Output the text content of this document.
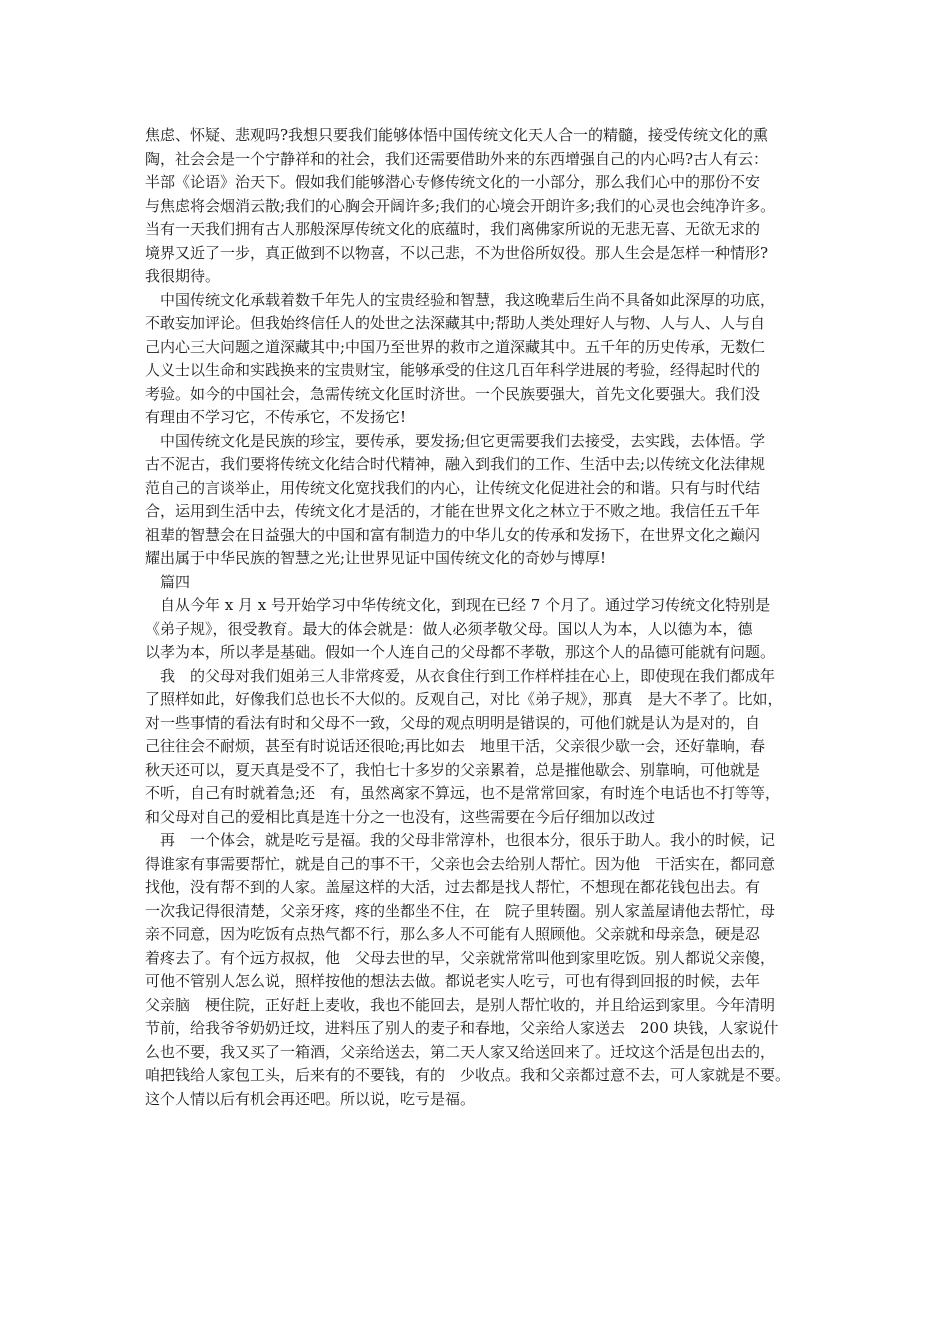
焦虑、怀疑、悲观吗?我想只要我们能够体悟中国传统文化天人合一的精髓，接受传统文化的熏
陶，社会会是一个宁静祥和的社会，我们还需要借助外来的东西增强自己的内心吗?古人有云：
半部《论语》治天下。假如我们能够潜心专修传统文化的一小部分，那么我们心中的那份不安
与焦虑将会烟消云散;我们的心胸会开阔许多;我们的心境会开朗许多;我们的心灵也会纯净许多。
当有一天我们拥有古人那般深厚传统文化的底蕴时，我们离佛家所说的无悲无喜、无欲无求的
境界又近了一步，真正做到不以物喜，不以己悲，不为世俗所奴役。那人生会是怎样一种情形?
我很期待。
　中国传统文化承载着数千年先人的宝贵经验和智慧，我这晚辈后生尚不具备如此深厚的功底，
不敢妄加评论。但我始终信任人的处世之法深藏其中;帮助人类处理好人与物、人与人、人与自
己内心三大问题之道深藏其中;中国乃至世界的救市之道深藏其中。五千年的历史传承，无数仁
人义士以生命和实践换来的宝贵财宝，能够承受的住这几百年科学进展的考验，经得起时代的
考验。如今的中国社会，急需传统文化匡时济世。一个民族要强大，首先文化要强大。我们没
有理由不学习它，不传承它，不发扬它!
　中国传统文化是民族的珍宝，要传承，要发扬;但它更需要我们去接受，去实践，去体悟。学
古不泥古，我们要将传统文化结合时代精神，融入到我们的工作、生活中去;以传统文化法律规
范自己的言谈举止，用传统文化宽找我们的内心，让传统文化促进社会的和谐。只有与时代结
合，运用到生活中去，传统文化才是活的，才能在世界文化之林立于不败之地。我信任五千年
祖辈的智慧会在日益强大的中国和富有制造力的中华儿女的传承和发扬下，在世界文化之巅闪
耀出属于中华民族的智慧之光;让世界见证中国传统文化的奇妙与博厚!
　篇四
　自从今年 x 月 x 号开始学习中华传统文化，到现在已经 7 个月了。通过学习传统文化特别是
《弟子规》，很受教育。最大的体会就是：做人必须孝敬父母。国以人为本，人以德为本，德
以孝为本，所以孝是基础。假如一个人连自己的父母都不孝敬，那这个人的品德可能就有问题。
　我　的父母对我们姐弟三人非常疼爱，从衣食住行到工作样样挂在心上，即使现在我们都成年
了照样如此，好像我们总也长不大似的。反观自己，对比《弟子规》，那真　是大不孝了。比如，
对一些事情的看法有时和父母不一致，父母的观点明明是错误的，可他们就是认为是对的，自
己往往会不耐烦，甚至有时说话还很呛;再比如去　地里干活，父亲很少歇一会，还好靠晌，春
秋天还可以，夏天真是受不了，我怕七十多岁的父亲累着，总是摧他歇会、别靠晌，可他就是
不听，自己有时就着急;还　有，虽然离家不算远，也不是常常回家，有时连个电话也不打等等，
和父母对自己的爱相比真是连十分之一也没有，这些需要在今后仔细加以改过
　再　一个体会，就是吃亏是福。我的父母非常淳朴，也很本分，很乐于助人。我小的时候，记
得谁家有事需要帮忙，就是自己的事不干，父亲也会去给别人帮忙。因为他　干活实在，都同意
找他，没有帮不到的人家。盖屋这样的大活，过去都是找人帮忙，不想现在都花钱包出去。有
一次我记得很清楚，父亲牙疼，疼的坐都坐不住，在　院子里转圈。别人家盖屋请他去帮忙，母
亲不同意，因为吃饭有点热气都不行，那么多人不可能有人照顾他。父亲就和母亲急，硬是忍
着疼去了。有个远方叔叔，他　父母去世的早，父亲就常常叫他到家里吃饭。别人都说父亲傻，
可他不管别人怎么说，照样按他的想法去做。都说老实人吃亏，可也有得到回报的时候，去年
父亲脑　梗住院，正好赶上麦收，我也不能回去，是别人帮忙收的，并且给运到家里。今年清明
节前，给我爷爷奶奶迁坟，进料压了别人的麦子和春地，父亲给人家送去　200 块钱，人家说什
么也不要，我又买了一箱酒，父亲给送去，第二天人家又给送回来了。迁坟这个活是包出去的，
咱把钱给人家包工头，后来有的不要钱，有的　少收点。我和父亲都过意不去，可人家就是不要。
这个人情以后有机会再还吧。所以说，吃亏是福。
